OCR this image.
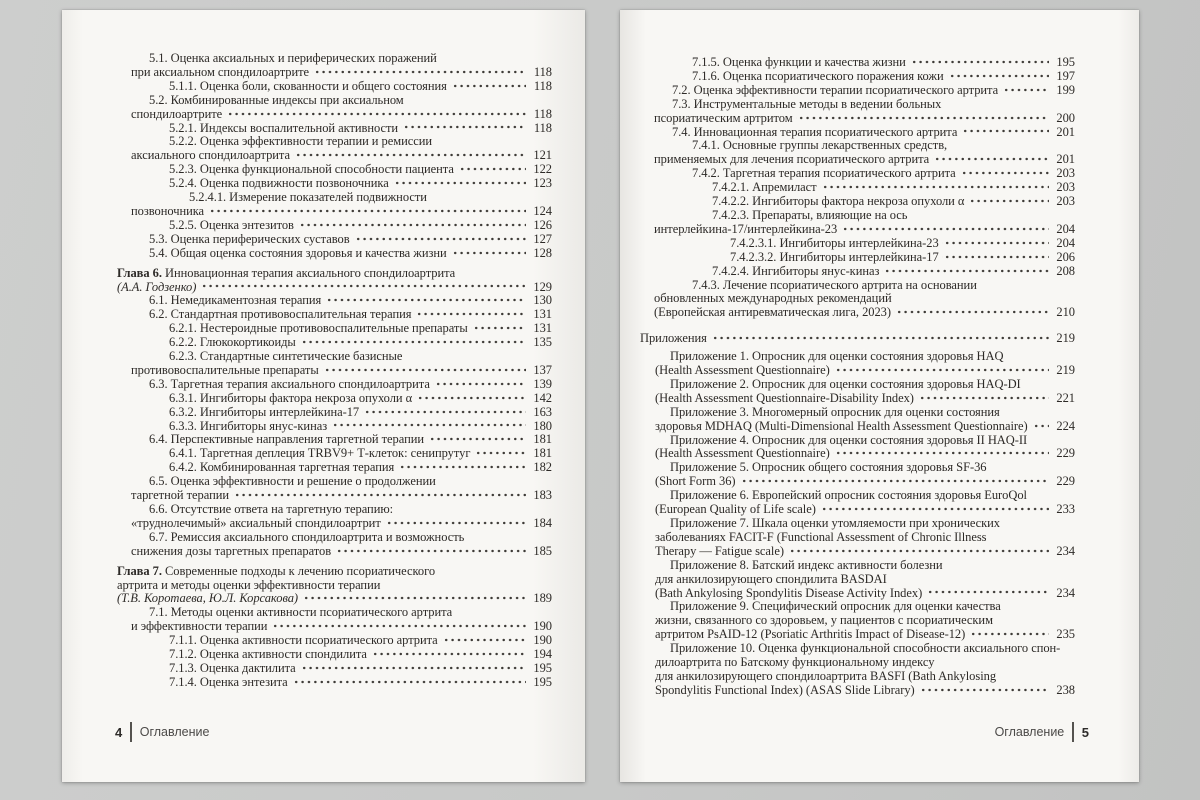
5.1. Оценка аксиальных и периферических поражений
при аксиальном спондилоартрите	118
5.1.1. Оценка боли, скованности и общего состояния	118
5.2. Комбинированные индексы при аксиальном
спондилоартрите	118
5.2.1. Индексы воспалительной активности	118
5.2.2. Оценка эффективности терапии и ремиссии
аксиального спондилоартрита	121
5.2.3. Оценка функциональной способности пациента	122
5.2.4. Оценка подвижности позвоночника	123
5.2.4.1. Измерение показателей подвижности
позвоночника	124
5.2.5. Оценка энтезитов	126
5.3. Оценка периферических суставов	127
5.4. Общая оценка состояния здоровья и качества жизни	128
Глава 6. Инновационная терапия аксиального спондилоартрита
(А.А. Годзенко)	129
6.1. Немедикаментозная терапия	130
6.2. Стандартная противовоспалительная терапия	131
6.2.1. Нестероидные противовоспалительные препараты	131
6.2.2. Глюкокортикоиды	135
6.2.3. Стандартные синтетические базисные
противовоспалительные препараты	137
6.3. Таргетная терапия аксиального спондилоартрита	139
6.3.1. Ингибиторы фактора некроза опухоли α	142
6.3.2. Ингибиторы интерлейкина-17	163
6.3.3. Ингибиторы янус-киназ	180
6.4. Перспективные направления таргетной терапии	181
6.4.1. Таргетная деплеция TRBV9+ Т-клеток: сенипрутуг	181
6.4.2. Комбинированная таргетная терапия	182
6.5. Оценка эффективности и решение о продолжении
таргетной терапии	183
6.6. Отсутствие ответа на таргетную терапию:
«труднолечимый» аксиальный спондилоартрит	184
6.7. Ремиссия аксиального спондилоартрита и возможность
снижения дозы таргетных препаратов	185
Глава 7. Современные подходы к лечению псориатического
артрита и методы оценки эффективности терапии
(Т.В. Коротаева, Ю.Л. Корсакова)	189
7.1. Методы оценки активности псориатического артрита
и эффективности терапии	190
7.1.1. Оценка активности псориатического артрита	190
7.1.2. Оценка активности спондилита	194
7.1.3. Оценка дактилита	195
7.1.4. Оценка энтезита	195
4 Оглавление
7.1.5. Оценка функции и качества жизни	195
7.1.6. Оценка псориатического поражения кожи	197
7.2. Оценка эффективности терапии псориатического артрита	199
7.3. Инструментальные методы в ведении больных
псориатическим артритом	200
7.4. Инновационная терапия псориатического артрита	201
7.4.1. Основные группы лекарственных средств,
применяемых для лечения псориатического артрита	201
7.4.2. Таргетная терапия псориатического артрита	203
7.4.2.1. Апремиласт	203
7.4.2.2. Ингибиторы фактора некроза опухоли α	203
7.4.2.3. Препараты, влияющие на ось
интерлейкина-17/интерлейкина-23	204
7.4.2.3.1. Ингибиторы интерлейкина-23	204
7.4.2.3.2. Ингибиторы интерлейкина-17	206
7.4.2.4. Ингибиторы янус-киназ	208
7.4.3. Лечение псориатического артрита на основании
обновленных международных рекомендаций
(Европейская антиревматическая лига, 2023)	210
Приложения	219
Приложение 1. Опросник для оценки состояния здоровья HAQ
(Health Assessment Questionnaire)	219
Приложение 2. Опросник для оценки состояния здоровья HAQ-DI
(Health Assessment Questionnaire-Disability Index)	221
Приложение 3. Многомерный опросник для оценки состояния
здоровья MDHAQ (Multi-Dimensional Health Assessment Questionnaire)	224
Приложение 4. Опросник для оценки состояния здоровья II HAQ-II
(Health Assessment Questionnaire)	229
Приложение 5. Опросник общего состояния здоровья SF-36
(Short Form 36)	229
Приложение 6. Европейский опросник состояния здоровья EuroQol
(European Quality of Life scale)	233
Приложение 7. Шкала оценки утомляемости при хронических
заболеваниях FACIT-F (Functional Assessment of Chronic Illness
Therapy — Fatigue scale)	234
Приложение 8. Батский индекс активности болезни
для анкилозирующего спондилита BASDAI
(Bath Ankylosing Spondylitis Disease Activity Index)	234
Приложение 9. Специфический опросник для оценки качества
жизни, связанного со здоровьем, у пациентов с псориатическим
артритом PsAID-12 (Psoriatic Arthritis Impact of Disease-12)	235
Приложение 10. Оценка функциональной способности аксиального спон-
дилоартрита по Батскому функциональному индексу
для анкилозирующего спондилоартрита BASFI (Bath Ankylosing
Spondylitis Functional Index) (ASAS Slide Library)	238
Оглавление 5
